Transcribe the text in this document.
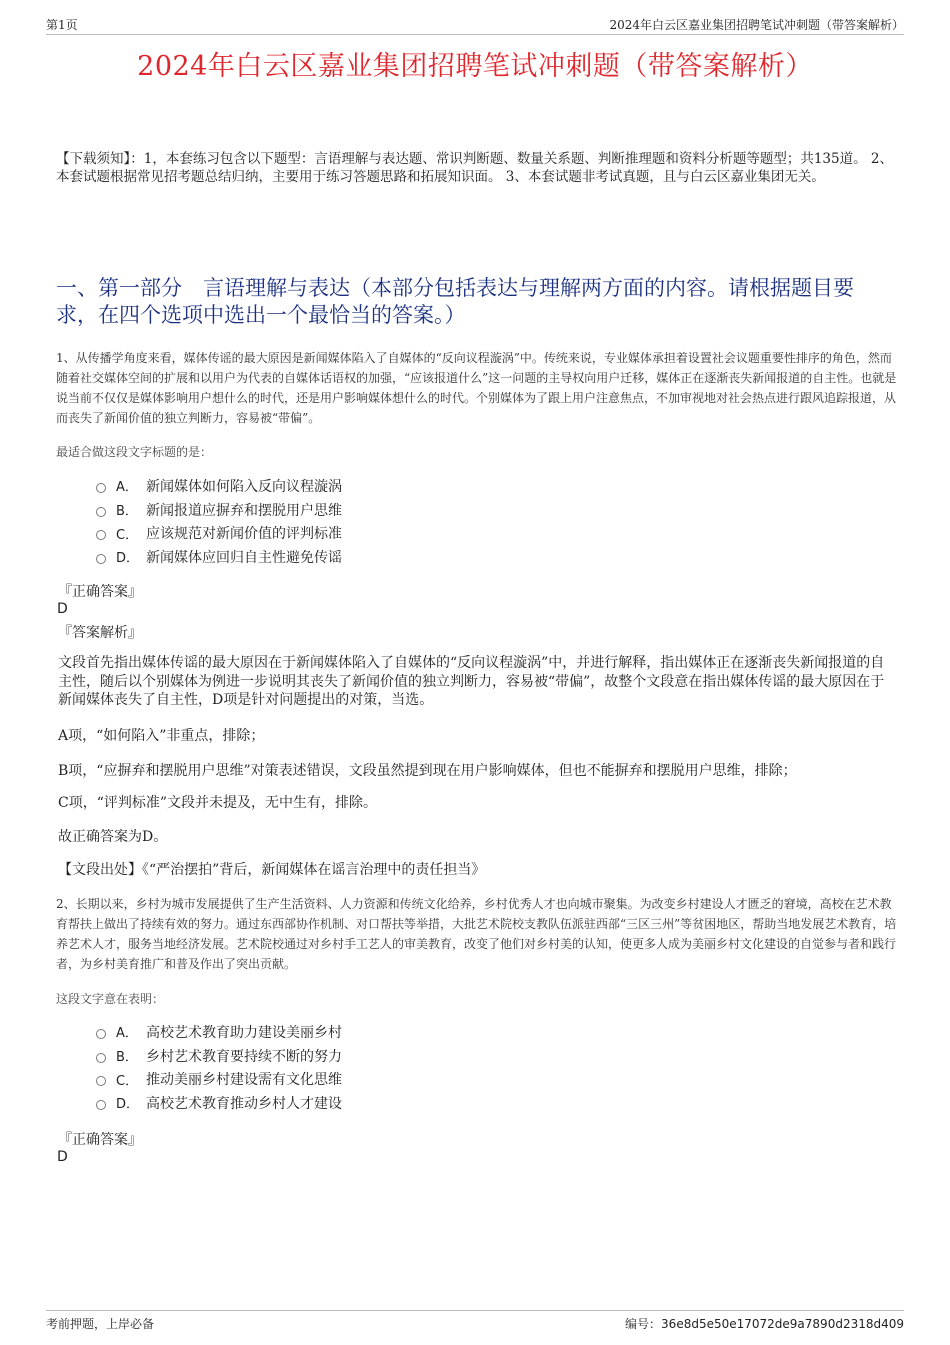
第1页	2024年白云区嘉业集团招聘笔试冲刺题（带答案解析）
2024年白云区嘉业集团招聘笔试冲刺题（带答案解析）
【下载须知】：1，本套练习包含以下题型：言语理解与表达题、常识判断题、数量关系题、判断推理题和资料分析题等题型；共135道。 2、本套试题根据常见招考题总结归纳，主要用于练习答题思路和拓展知识面。 3、本套试题非考试真题，且与白云区嘉业集团无关。
一、第一部分　言语理解与表达（本部分包括表达与理解两方面的内容。请根据题目要求，在四个选项中选出一个最恰当的答案。）
1、从传播学角度来看，媒体传谣的最大原因是新闻媒体陷入了自媒体的“反向议程漩涡”中。传统来说，专业媒体承担着设置社会议题重要性排序的角色，然而随着社交媒体空间的扩展和以用户为代表的自媒体话语权的加强，“应该报道什么”这一问题的主导权向用户迁移，媒体正在逐渐丧失新闻报道的自主性。也就是说当前不仅仅是媒体影响用户想什么的时代，还是用户影响媒体想什么的时代。个别媒体为了跟上用户注意焦点，不加审视地对社会热点进行跟风追踪报道，从而丧失了新闻价值的独立判断力，容易被“带偏”。
最适合做这段文字标题的是：
A． 新闻媒体如何陷入反向议程漩涡
B． 新闻报道应摒弃和摆脱用户思维
C． 应该规范对新闻价值的评判标准
D． 新闻媒体应回归自主性避免传谣
『正确答案』
D
『答案解析』
文段首先指出媒体传谣的最大原因在于新闻媒体陷入了自媒体的“反向议程漩涡”中，并进行解释，指出媒体正在逐渐丧失新闻报道的自主性，随后以个别媒体为例进一步说明其丧失了新闻价值的独立判断力，容易被“带偏”，故整个文段意在指出媒体传谣的最大原因在于新闻媒体丧失了自主性，D项是针对问题提出的对策，当选。
A项，“如何陷入”非重点，排除；
B项，“应摒弃和摆脱用户思维”对策表述错误，文段虽然提到现在用户影响媒体，但也不能摒弃和摆脱用户思维，排除；
C项，“评判标准”文段并未提及，无中生有，排除。
故正确答案为D。
【文段出处】《“严治摆拍”背后，新闻媒体在谣言治理中的责任担当》
2、长期以来，乡村为城市发展提供了生产生活资料、人力资源和传统文化给养，乡村优秀人才也向城市聚集。为改变乡村建设人才匮乏的窘境，高校在艺术教育帮扶上做出了持续有效的努力。通过东西部协作机制、对口帮扶等举措，大批艺术院校支教队伍派驻西部“三区三州”等贫困地区，帮助当地发展艺术教育，培养艺术人才，服务当地经济发展。艺术院校通过对乡村手工艺人的审美教育，改变了他们对乡村美的认知，使更多人成为美丽乡村文化建设的自觉参与者和践行者，为乡村美育推广和普及作出了突出贡献。
这段文字意在表明：
A． 高校艺术教育助力建设美丽乡村
B． 乡村艺术教育要持续不断的努力
C． 推动美丽乡村建设需有文化思维
D． 高校艺术教育推动乡村人才建设
『正确答案』
D
考前押题，上岸必备	编号：36e8d5e50e17072de9a7890d2318d409
